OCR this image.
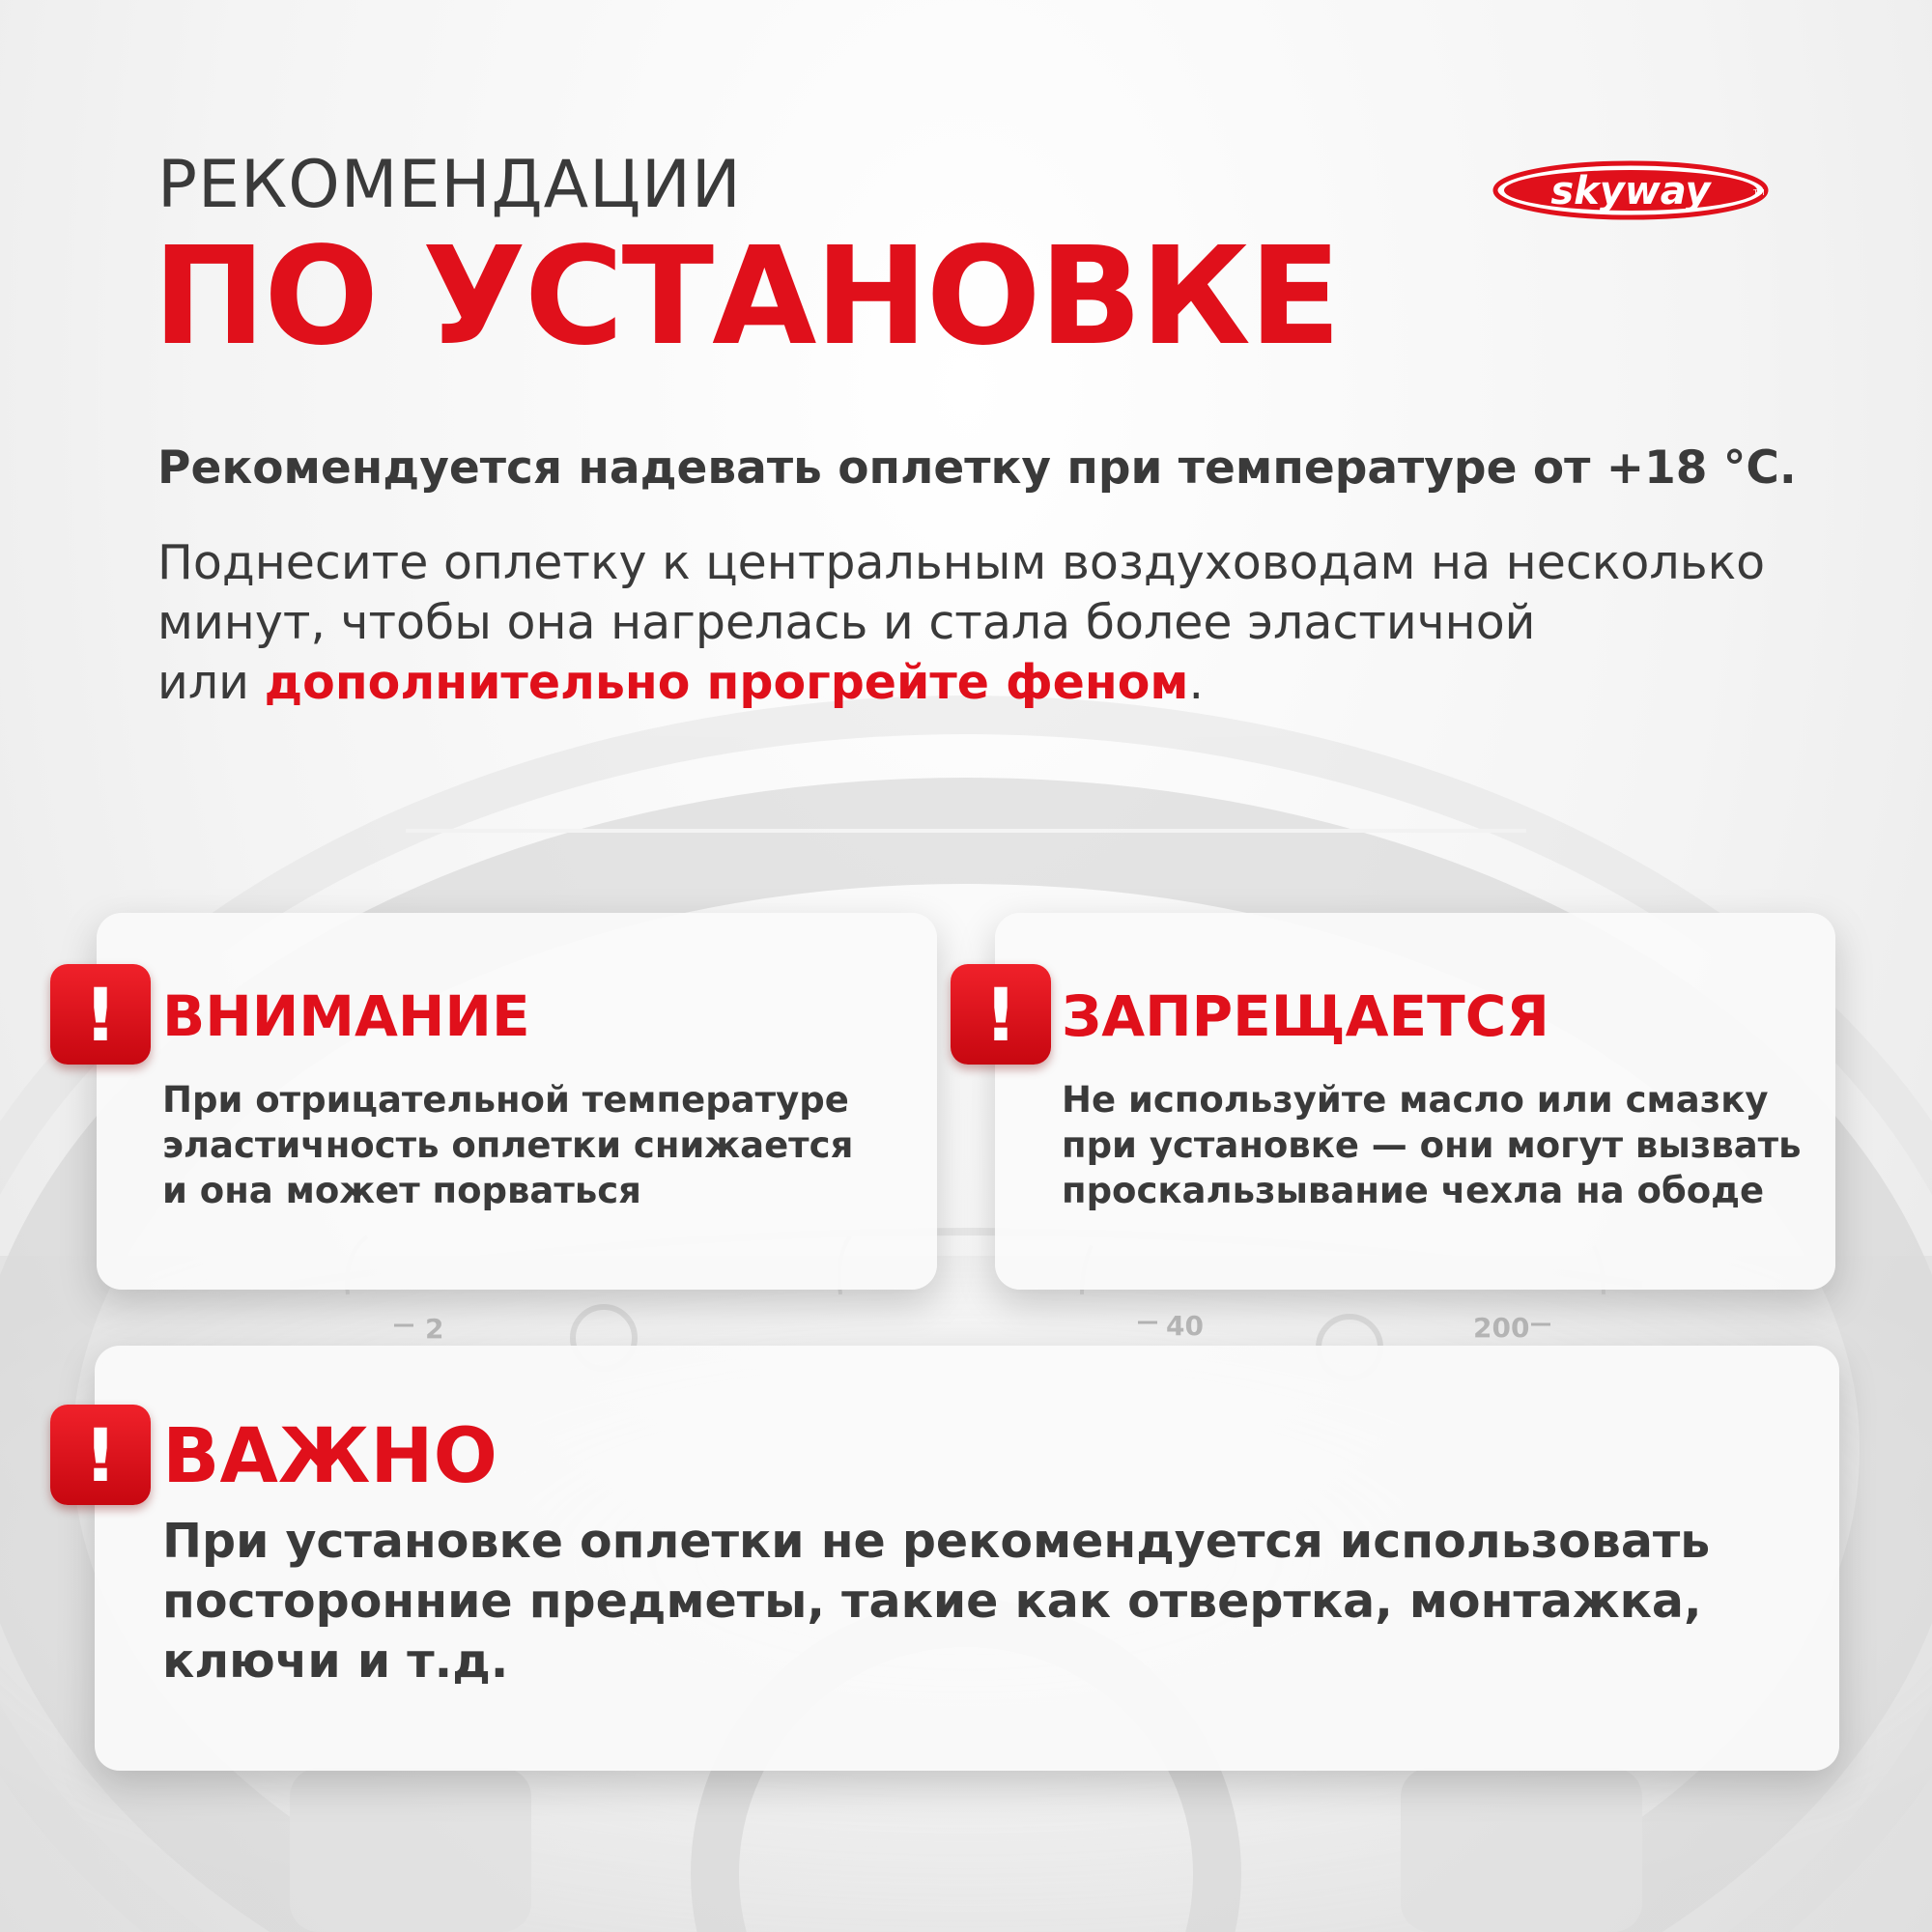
2	40	200
РЕКОМЕНДАЦИИ
ПО УСТАНОВКЕ
skyway	TM

Рекомендуется надевать оплетку при температуре от +18 °С.

Поднесите оплетку к центральным воздуховодам на несколько
минут, чтобы она нагрелась и стала более эластичной
или дополнительно прогрейте феном.

! ВНИМАНИЕ

При отрицательной температуре
эластичность оплетки снижается
и она может порваться

! ЗАПРЕЩАЕТСЯ

Не используйте масло или смазку
при установке — они могут вызвать
проскальзывание чехла на ободе

! ВАЖНО

При установке оплетки не рекомендуется использовать
посторонние предметы, такие как отвертка, монтажка,
ключи и т.д.
